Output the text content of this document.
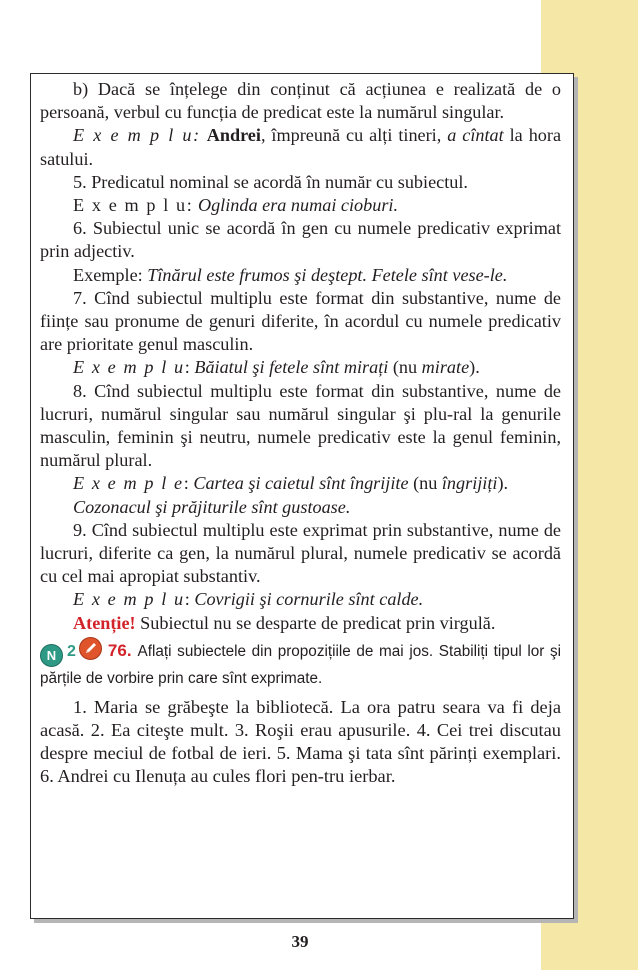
b) Dacă se înțelege din conținut că acțiunea e realizată de o persoană, verbul cu funcția de predicat este la numărul singular.

E x e m p l u: Andrei, împreună cu alți tineri, a cîntat la hora satului.

5. Predicatul nominal se acordă în număr cu subiectul.

E x e m p l u: Oglinda era numai cioburi.

6. Subiectul unic se acordă în gen cu numele predicativ exprimat prin adjectiv.

Exemple: Tînărul este frumos şi deştept. Fetele sînt vese-le.

7. Cînd subiectul multiplu este format din substantive, nume de ființe sau pronume de genuri diferite, în acordul cu numele predicativ are prioritate genul masculin.

E x e m p l u: Băiatul şi fetele sînt mirați (nu mirate).

8. Cînd subiectul multiplu este format din substantive, nume de lucruri, numărul singular sau numărul singular şi plu-ral la genurile masculin, feminin şi neutru, numele predicativ este la genul feminin, numărul plural.

E x e m p l e: Cartea şi caietul sînt îngrijite (nu îngrijiți).

Cozonacul şi prăjiturile sînt gustoase.

9. Cînd subiectul multiplu este exprimat prin substantive, nume de lucruri, diferite ca gen, la numărul plural, numele predicativ se acordă cu cel mai apropiat substantiv.

E x e m p l u: Covrigii şi cornurile sînt calde.

Atenție! Subiectul nu se desparte de predicat prin virgulă.

N 2 76. Aflați subiectele din propozițiile de mai jos. Stabiliți tipul lor şi părțile de vorbire prin care sînt exprimate.

1. Maria se grăbeşte la bibliotecă. La ora patru seara va fi deja acasă. 2. Ea citeşte mult. 3. Roşii erau apusurile. 4. Cei trei discutau despre meciul de fotbal de ieri. 5. Mama şi tata sînt părinți exemplari. 6. Andrei cu Ilenuța au cules flori pen-tru ierbar.

39
